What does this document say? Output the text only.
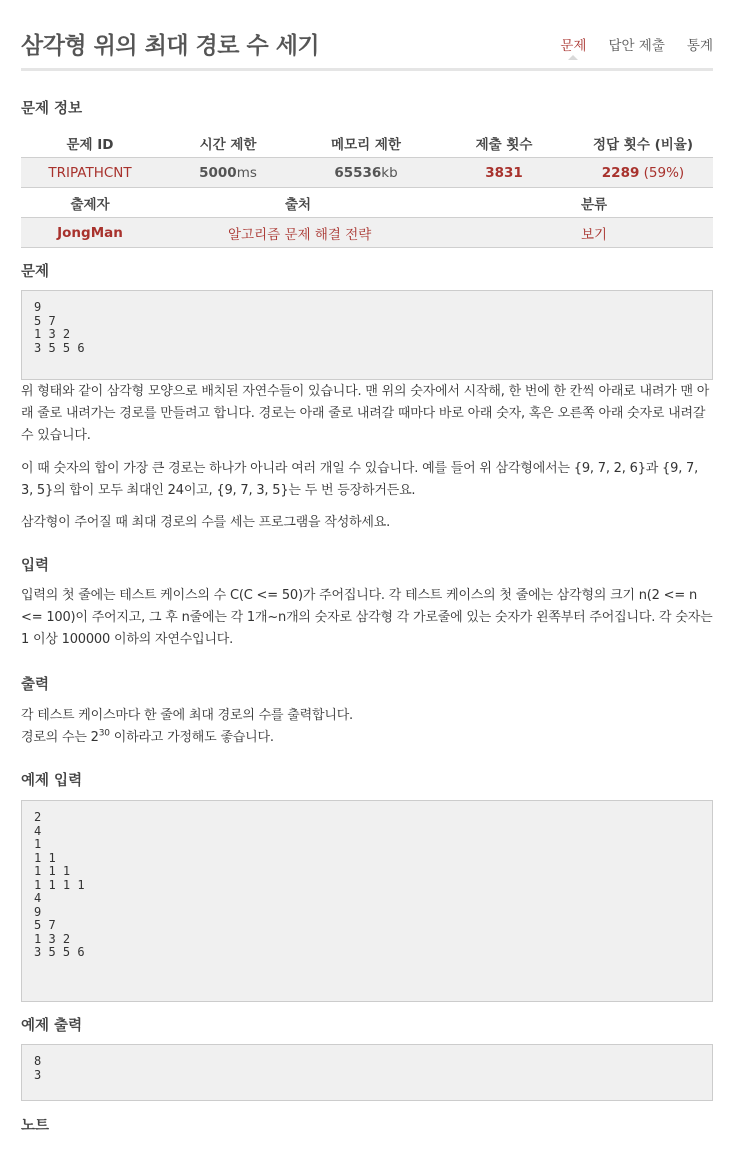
삼각형 위의 최대 경로 수 세기	문제 답안 제출 통계
문제 정보
문제 ID	시간 제한	메모리 제한	제출 횟수	정답 횟수 (비율)
TRIPATHCNT	5000ms	65536kb	3831	2289 (59%)
출제자	출처	분류
JongMan	알고리즘 문제 해결 전략	보기
문제
9
5 7
1 3 2
3 5 5 6

위 형태와 같이 삼각형 모양으로 배치된 자연수들이 있습니다. 맨 위의 숫자에서 시작해, 한 번에 한 칸씩 아래로 내려가 맨 아래 줄로 내려가는 경로를 만들려고 합니다. 경로는 아래 줄로 내려갈 때마다 바로 아래 숫자, 혹은 오른쪽 아래 숫자로 내려갈 수 있습니다.

이 때 숫자의 합이 가장 큰 경로는 하나가 아니라 여러 개일 수 있습니다. 예를 들어 위 삼각형에서는 {9, 7, 2, 6}과 {9, 7, 3, 5}의 합이 모두 최대인 24이고, {9, 7, 3, 5}는 두 번 등장하거든요.

삼각형이 주어질 때 최대 경로의 수를 세는 프로그램을 작성하세요.

입력

입력의 첫 줄에는 테스트 케이스의 수 C(C <= 50)가 주어집니다. 각 테스트 케이스의 첫 줄에는 삼각형의 크기 n(2 <= n <= 100)이 주어지고, 그 후 n줄에는 각 1개~n개의 숫자로 삼각형 각 가로줄에 있는 숫자가 왼쪽부터 주어집니다. 각 숫자는 1 이상 100000 이하의 자연수입니다.

출력

각 테스트 케이스마다 한 줄에 최대 경로의 수를 출력합니다.

경로의 수는 $2^{30}$ 이하라고 가정해도 좋습니다.

예제 입력
2
4
1
1 1
1 1 1
1 1 1 1
4
9
5 7
1 3 2
3 5 5 6
예제 출력
8
3
노트
